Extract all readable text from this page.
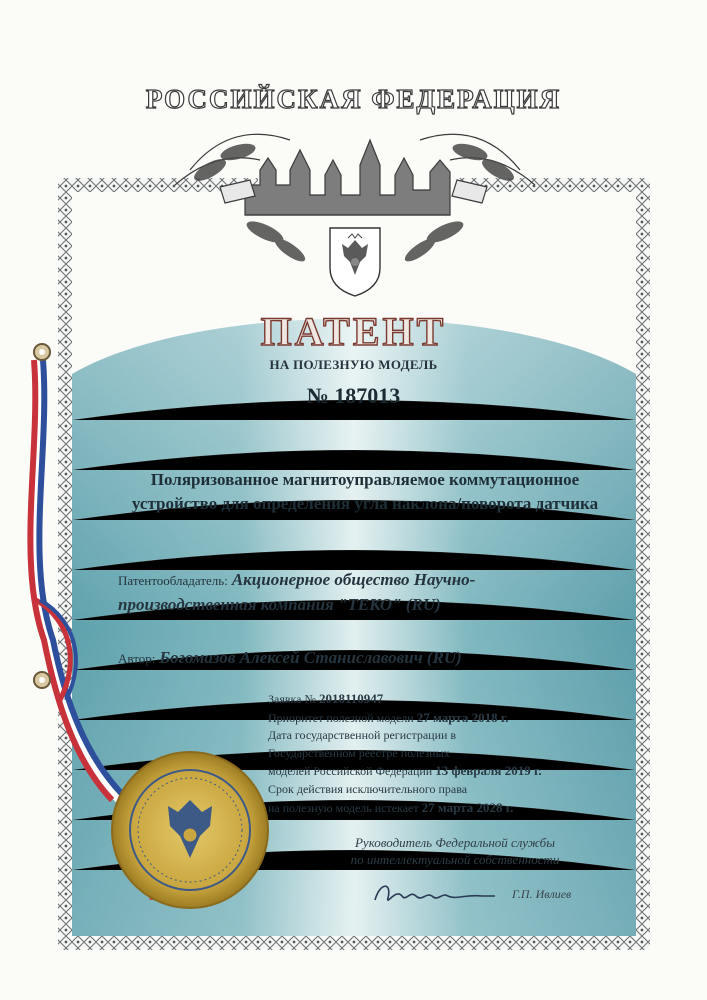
РОССИЙСКАЯ ФЕДЕРАЦИЯ
ПАТЕНТ
НА ПОЛЕЗНУЮ МОДЕЛЬ
№ 187013
Поляризованное магнитоуправляемое коммутационное
устройство для определения угла наклона/поворота датчика
Патентообладатель: Акционерное общество Научно-
производственная компания "ТЕКО" (RU)
Автор: Богомазов Алексей Станиславович (RU)
Заявка № 2018110947
Приоритет полезной модели 27 марта 2018 г.
Дата государственной регистрации в
Государственном реестре полезных
моделей Российской Федерации 13 февраля 2019 г.
Срок действия исключительного права
на полезную модель истекает 27 марта 2028 г.
Руководитель Федеральной службы
по интеллектуальной собственности
Г.П. Ивлиев
